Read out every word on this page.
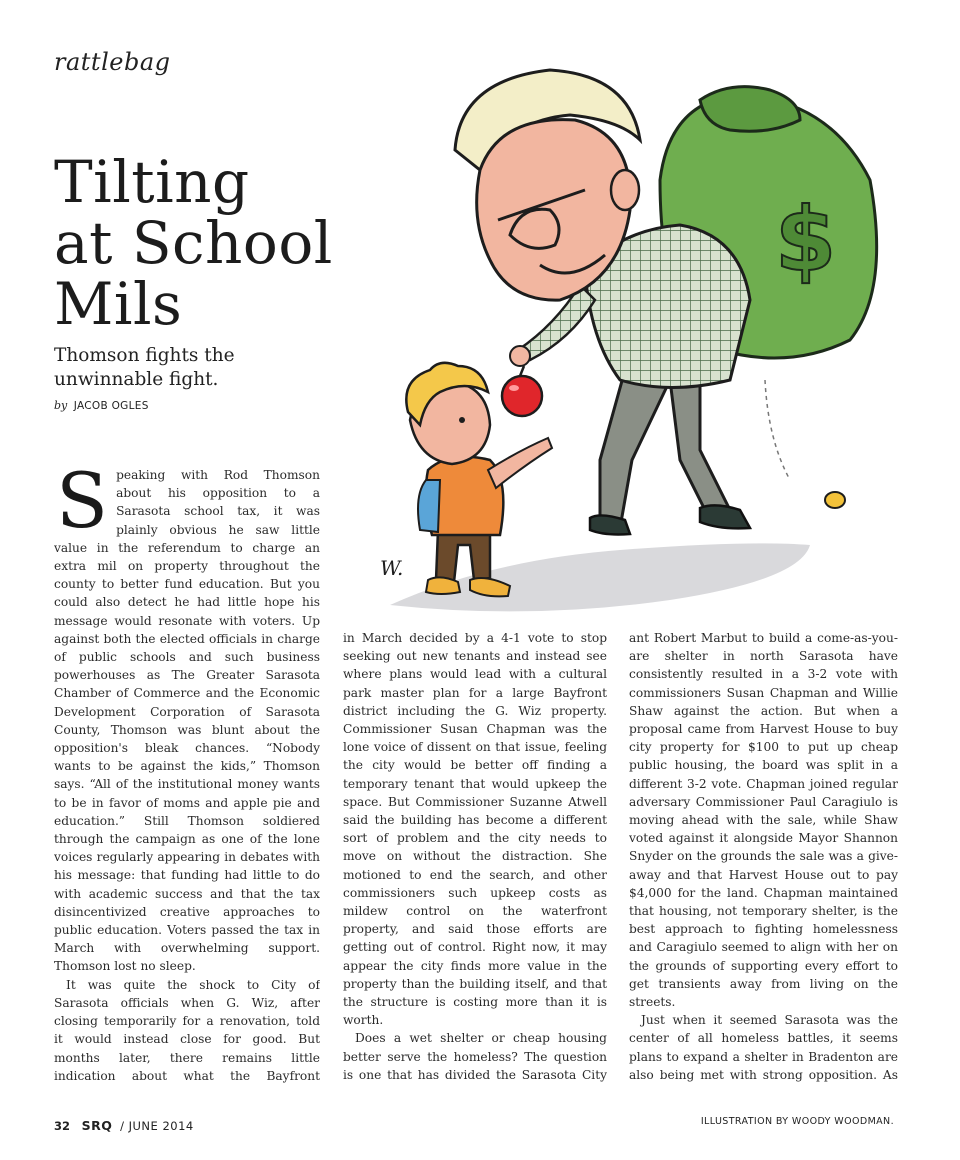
rattlebag
Tilting
at School
Mils
Thomson fights the unwinnable fight.
by JACOB OGLES
$
W.

Speaking with Rod Thomson about his opposition to a Sarasota school tax, it was plainly obvious he saw little value in the referendum to charge an extra mil on property throughout the county to better fund education. But you could also detect he had little hope his message would resonate with voters. Up against both the elected officials in charge of public schools and such business powerhouses as The Greater Sarasota Chamber of Commerce and the Economic Development Corporation of Sarasota County, Thomson was blunt about the opposition's bleak chances. “Nobody wants to be against the kids,” Thomson says. “All of the institutional money wants to be in favor of moms and apple pie and education.” Still Thomson soldiered through the campaign as one of the lone voices regularly appearing in debates with his message: that funding had little to do with academic success and that the tax disincentivized creative approaches to public education. Voters passed the tax in March with overwhelming support. Thomson lost no sleep.

It was quite the shock to City of Sarasota officials when G. Wiz, after closing temporarily for a renovation, told it would instead close for good. But months later, there remains little indication about what the Bayfront

in March decided by a 4-1 vote to stop seeking out new tenants and instead see where plans would lead with a cultural park master plan for a large Bayfront district including the G. Wiz property. Commissioner Susan Chapman was the lone voice of dissent on that issue, feeling the city would be better off finding a temporary tenant that would upkeep the space. But Commissioner Suzanne Atwell said the building has become a different sort of problem and the city needs to move on without the distraction. She motioned to end the search, and other commissioners such upkeep costs as mildew control on the waterfront property, and said those efforts are getting out of control. Right now, it may appear the city finds more value in the property than the building itself, and that the structure is costing more than it is worth.

Does a wet shelter or cheap housing better serve the homeless? The question is one that has divided the Sarasota City

ant Robert Marbut to build a come-as-you-are shelter in north Sarasota have consistently resulted in a 3-2 vote with commissioners Susan Chapman and Willie Shaw against the action. But when a proposal came from Harvest House to buy city property for $100 to put up cheap public housing, the board was split in a different 3-2 vote. Chapman joined regular adversary Commissioner Paul Caragiulo is moving ahead with the sale, while Shaw voted against it alongside Mayor Shannon Snyder on the grounds the sale was a give-away and that Harvest House out to pay $4,000 for the land. Chapman maintained that housing, not temporary shelter, is the best approach to fighting homelessness and Caragiulo seemed to align with her on the grounds of supporting every effort to get transients away from living on the streets.

Just when it seemed Sarasota was the center of all homeless battles, it seems plans to expand a shelter in Bradenton are also being met with strong opposition. As

32 SRQ / JUNE 2014	ILLUSTRATION BY WOODY WOODMAN.
